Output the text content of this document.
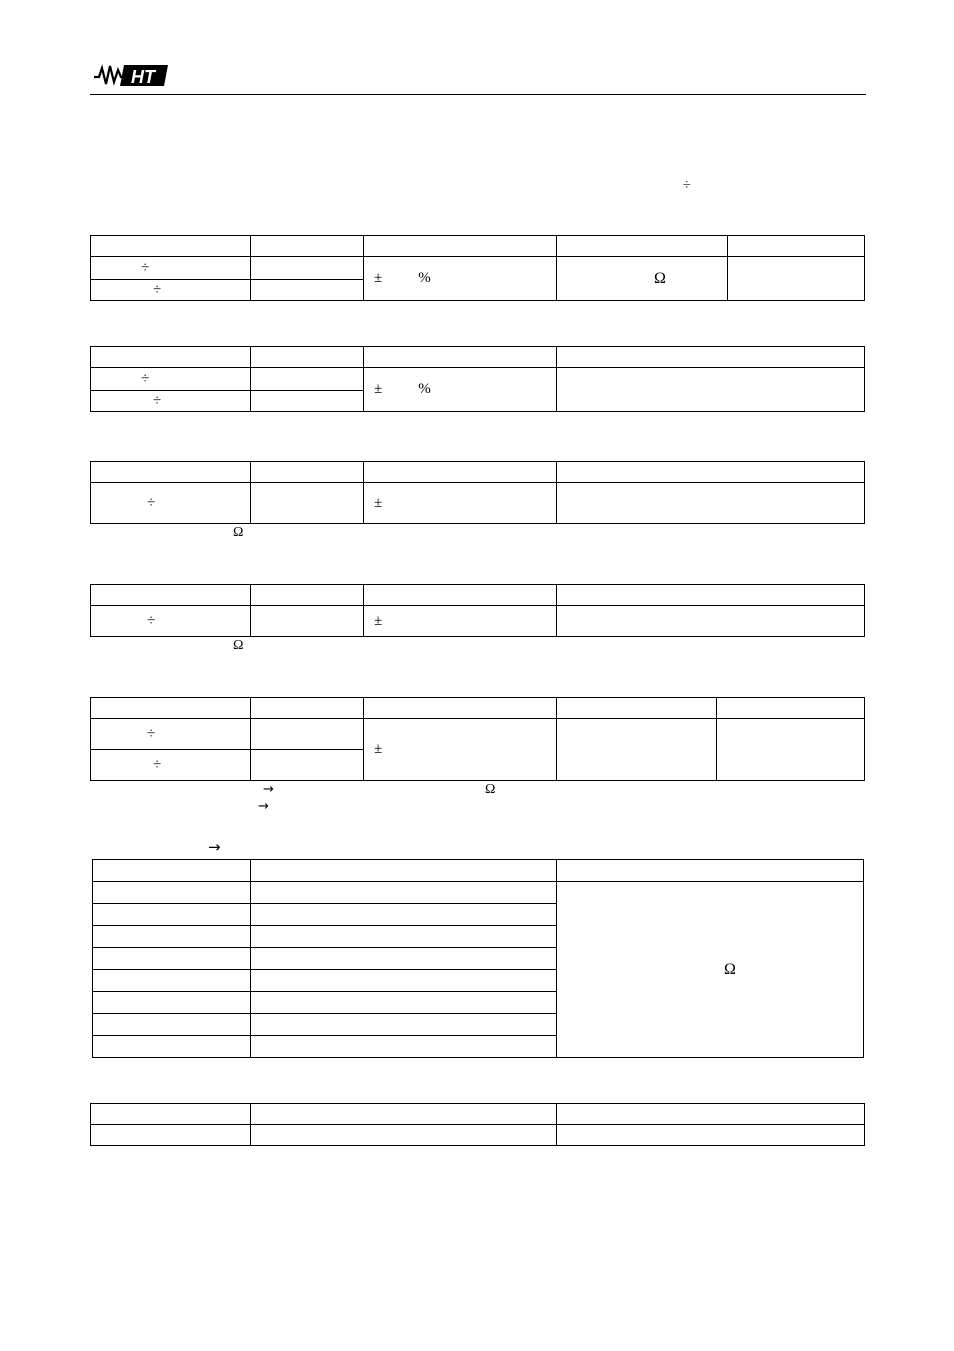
HT
÷

÷		± %	Ω	
÷				

÷		± %	
÷			

÷		±	
Ω

÷		±	
Ω

÷		±		
÷				
→	Ω
→
→

		Ω
